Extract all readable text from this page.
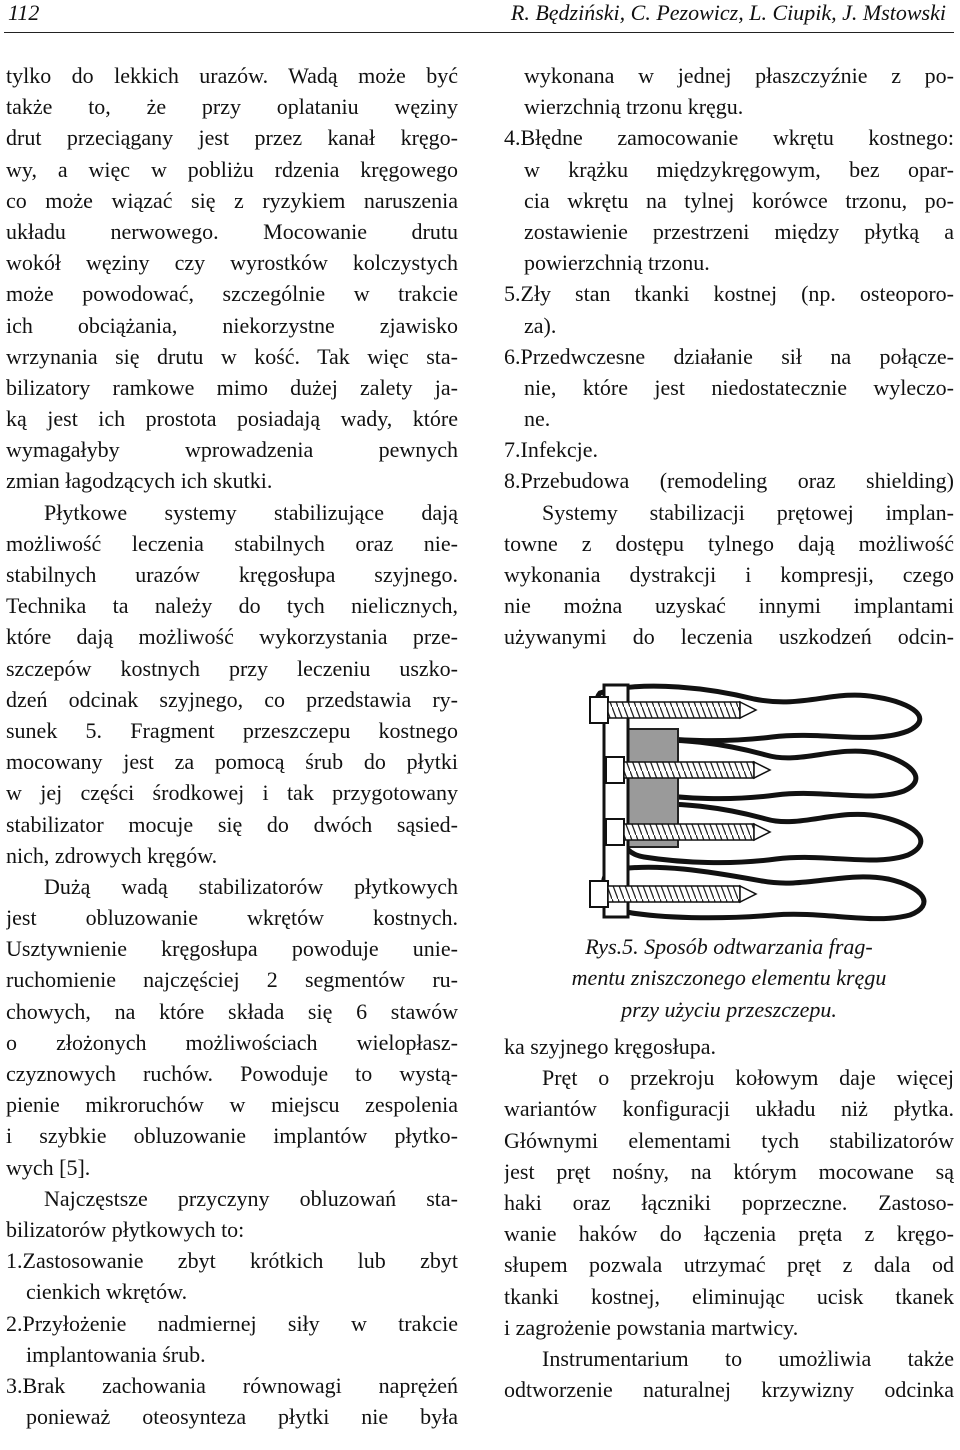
112	R. Będziński, C. Pezowicz, L. Ciupik, J. Mstowski
tylko do lekkich urazów. Wadą może być
także to, że przy oplataniu węziny
drut przeciągany jest przez kanał kręgo-
wy, a więc w pobliżu rdzenia kręgowego
co może wiązać się z ryzykiem naruszenia
układu nerwowego. Mocowanie drutu
wokół węziny czy wyrostków kolczystych
może powodować, szczególnie w trakcie
ich obciążania, niekorzystne zjawisko
wrzynania się drutu w kość. Tak więc sta-
bilizatory ramkowe mimo dużej zalety ja-
ką jest ich prostota posiadają wady, które
wymagałyby wprowadzenia pewnych
zmian łagodzących ich skutki.
Płytkowe systemy stabilizujące dają
możliwość leczenia stabilnych oraz nie-
stabilnych urazów kręgosłupa szyjnego.
Technika ta należy do tych nielicznych,
które dają możliwość wykorzystania prze-
szczepów kostnych przy leczeniu uszko-
dzeń odcinak szyjnego, co przedstawia ry-
sunek 5. Fragment przeszczepu kostnego
mocowany jest za pomocą śrub do płytki
w jej części środkowej i tak przygotowany
stabilizator mocuje się do dwóch sąsied-
nich, zdrowych kręgów.
Dużą wadą stabilizatorów płytkowych
jest obluzowanie wkrętów kostnych.
Usztywnienie kręgosłupa powoduje unie-
ruchomienie najczęściej 2 segmentów ru-
chowych, na które składa się 6 stawów
o złożonych możliwościach wielopłasz-
czyznowych ruchów. Powoduje to wystą-
pienie mikroruchów w miejscu zespolenia
i szybkie obluzowanie implantów płytko-
wych [5].
Najczęstsze przyczyny obluzowań sta-
bilizatorów płytkowych to:
1.Zastosowanie zbyt krótkich lub zbyt
cienkich wkrętów.
2.Przyłożenie nadmiernej siły w trakcie
implantowania śrub.
3.Brak zachowania równowagi naprężeń
ponieważ oteosynteza płytki nie była
wykonana w jednej płaszczyźnie z po-
wierzchnią trzonu kręgu.
4.Błędne zamocowanie wkrętu kostnego:
w krążku międzykręgowym, bez opar-
cia wkrętu na tylnej korówce trzonu, po-
zostawienie przestrzeni między płytką a
powierzchnią trzonu.
5.Zły stan tkanki kostnej (np. osteoporo-
za).
6.Przedwczesne działanie sił na połącze-
nie, które jest niedostatecznie wyleczo-
ne.
7.Infekcje.
8.Przebudowa (remodeling oraz shielding)
Systemy stabilizacji prętowej implan-
towne z dostępu tylnego dają możliwość
wykonania dystrakcji i kompresji, czego
nie można uzyskać innymi implantami
używanymi do leczenia uszkodzeń odcin-
Rys.5. Sposób odtwarzania frag-
mentu zniszczonego elementu kręgu
przy użyciu przeszczepu.
ka szyjnego kręgosłupa.
Pręt o przekroju kołowym daje więcej
wariantów konfiguracji układu niż płytka.
Głównymi elementami tych stabilizatorów
jest pręt nośny, na którym mocowane są
haki oraz łączniki poprzeczne. Zastoso-
wanie haków do łączenia pręta z kręgo-
słupem pozwala utrzymać pręt z dala od
tkanki kostnej, eliminując ucisk tkanek
i zagrożenie powstania martwicy.
Instrumentarium to umożliwia także
odtworzenie naturalnej krzywizny odcinka
